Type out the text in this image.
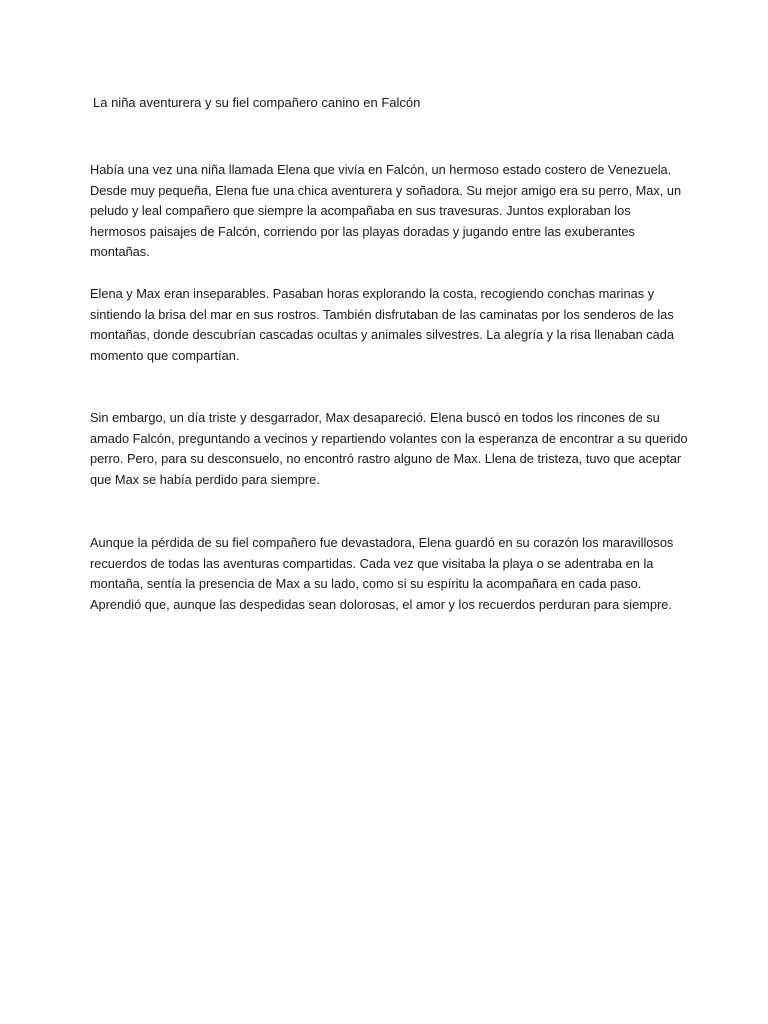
La niña aventurera y su fiel compañero canino en Falcón

Había una vez una niña llamada Elena que vivía en Falcón, un hermoso estado costero de Venezuela. Desde muy pequeña, Elena fue una chica aventurera y soñadora. Su mejor amigo era su perro, Max, un peludo y leal compañero que siempre la acompañaba en sus travesuras. Juntos exploraban los hermosos paisajes de Falcón, corriendo por las playas doradas y jugando entre las exuberantes montañas.

Elena y Max eran inseparables. Pasaban horas explorando la costa, recogiendo conchas marinas y sintiendo la brisa del mar en sus rostros. También disfrutaban de las caminatas por los senderos de las montañas, donde descubrían cascadas ocultas y animales silvestres. La alegría y la risa llenaban cada momento que compartían.

Sin embargo, un día triste y desgarrador, Max desapareció. Elena buscó en todos los rincones de su amado Falcón, preguntando a vecinos y repartiendo volantes con la esperanza de encontrar a su querido perro. Pero, para su desconsuelo, no encontró rastro alguno de Max. Llena de tristeza, tuvo que aceptar que Max se había perdido para siempre.

Aunque la pérdida de su fiel compañero fue devastadora, Elena guardó en su corazón los maravillosos recuerdos de todas las aventuras compartidas. Cada vez que visitaba la playa o se adentraba en la montaña, sentía la presencia de Max a su lado, como si su espíritu la acompañara en cada paso. Aprendió que, aunque las despedidas sean dolorosas, el amor y los recuerdos perduran para siempre.
